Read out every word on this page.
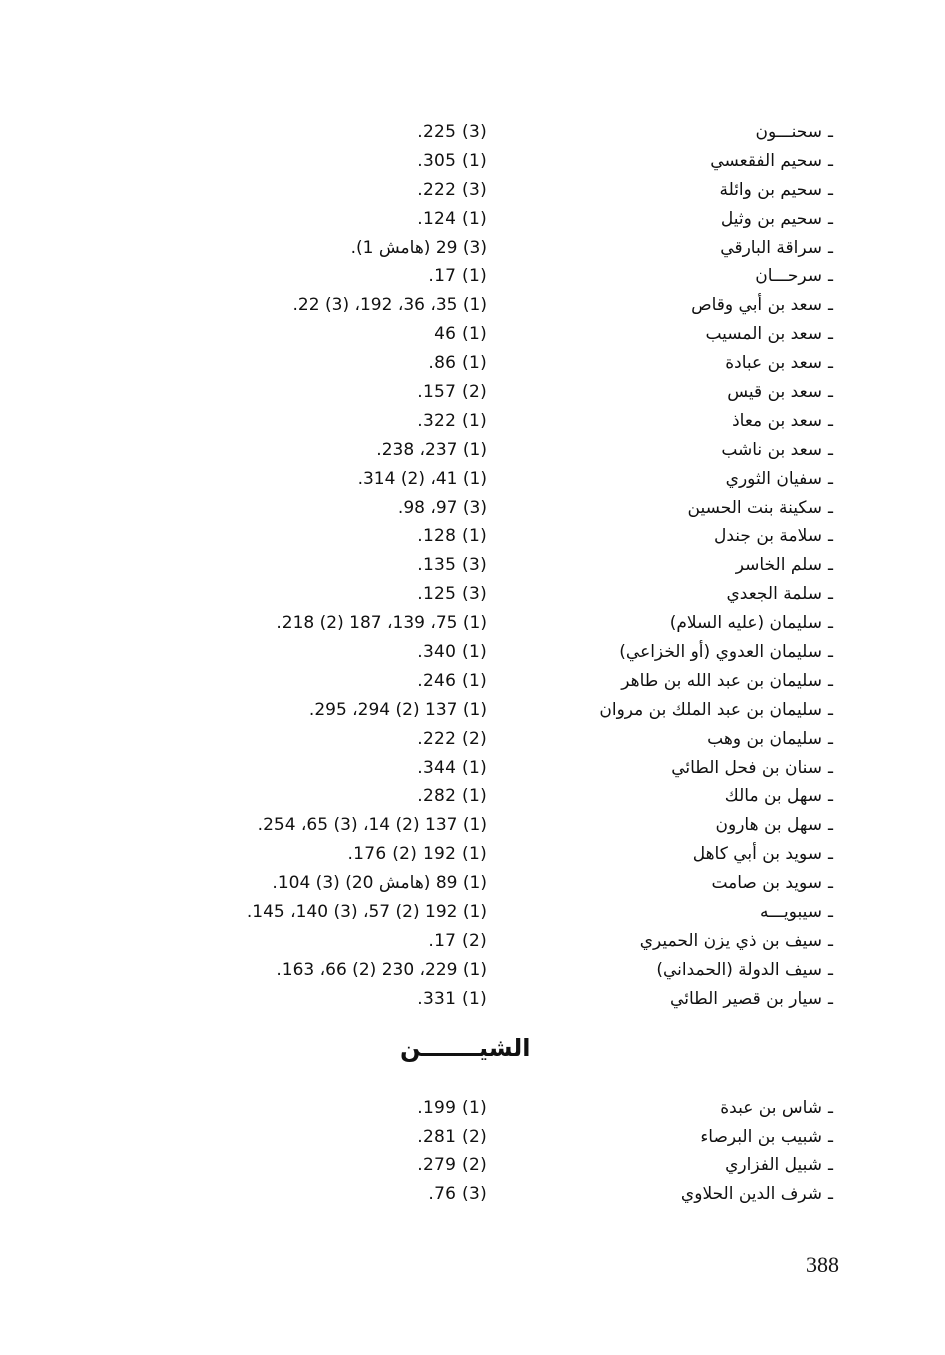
ـسحنـــون
(3) 225.
ـسحيم الفقعسي
(1) 305.
ـسحيم بن وائلة
(3) 222.
ـسحيم بن وثيل
(1) 124.
ـسراقة البارقي
(3) 29 (هامش 1).
ـسرحـــان
(1) 17.
ـسعد بن أبي وقاص
(1) 35، 36، 192، (3) 22.
ـسعد بن المسيب
(1) 46
ـسعد بن عبادة
(1) 86.
ـسعد بن قيس
(2) 157.
ـسعد بن معاذ
(1) 322.
ـسعد بن ناشب
(1) 237، 238.
ـسفيان الثوري
(1) 41، (2) 314.
ـسكينة بنت الحسين
(3) 97، 98.
ـسلامة بن جندل
(1) 128.
ـسلم الخاسر
(3) 135.
ـسلمة الجعدي
(3) 125.
ـسليمان (عليه السلام)
(1) 75، 139، 187 (2) 218.
ـسليمان العدوي (أو الخزاعي)
(1) 340.
ـسليمان بن عبد الله بن طاهر
(1) 246.
ـسليمان بن عبد الملك بن مروان
(1) 137 (2) 294، 295.
ـسليمان بن وهب
(2) 222.
ـسنان بن فحل الطائي
(1) 344.
ـسهل بن مالك
(1) 282.
ـسهل بن هارون
(1) 137 (2) 14، (3) 65، 254.
ـسويد بن أبي كاهل
(1) 192 (2) 176.
ـسويد بن صامت
(1) 89 (هامش 20) (3) 104.
ـسيبويـــه
(1) 192 (2) 57، (3) 140، 145.
ـسيف بن ذي يزن الحميري
(2) 17.
ـسيف الدولة (الحمداني)
(1) 229، 230 (2) 66، 163.
ـسيار بن قصير الطائي
(1) 331.
الشيـــــــن
ـشاس بن عبدة
(1) 199.
ـشبيب بن البرصاء
(2) 281.
ـشبيل الفزاري
(2) 279.
ـشرف الدين الحلاوي
(3) 76.
388
